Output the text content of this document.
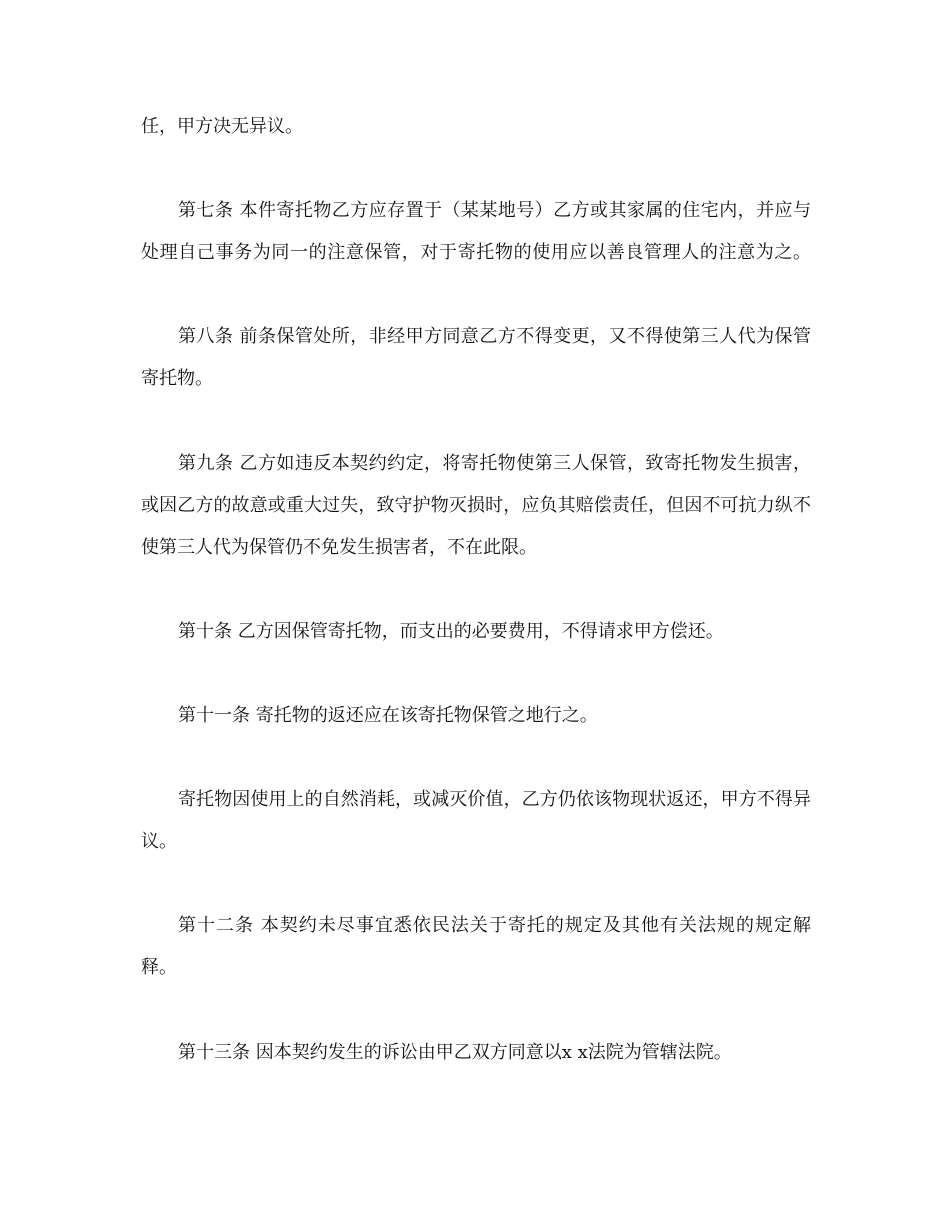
任，甲方决无异议。
第七条 本件寄托物乙方应存置于（某某地号）乙方或其家属的住宅内，并应与
处理自己事务为同一的注意保管，对于寄托物的使用应以善良管理人的注意为之。
第八条 前条保管处所，非经甲方同意乙方不得变更，又不得使第三人代为保管
寄托物。
第九条 乙方如违反本契约约定，将寄托物使第三人保管，致寄托物发生损害，
或因乙方的故意或重大过失，致守护物灭损时，应负其赔偿责任，但因不可抗力纵不
使第三人代为保管仍不免发生损害者，不在此限。
第十条 乙方因保管寄托物，而支出的必要费用，不得请求甲方偿还。
第十一条 寄托物的返还应在该寄托物保管之地行之。
寄托物因使用上的自然消耗，或减灭价值，乙方仍依该物现状返还，甲方不得异
议。
第十二条 本契约未尽事宜悉依民法关于寄托的规定及其他有关法规的规定解
释。
第十三条 因本契约发生的诉讼由甲乙双方同意以x x法院为管辖法院。
